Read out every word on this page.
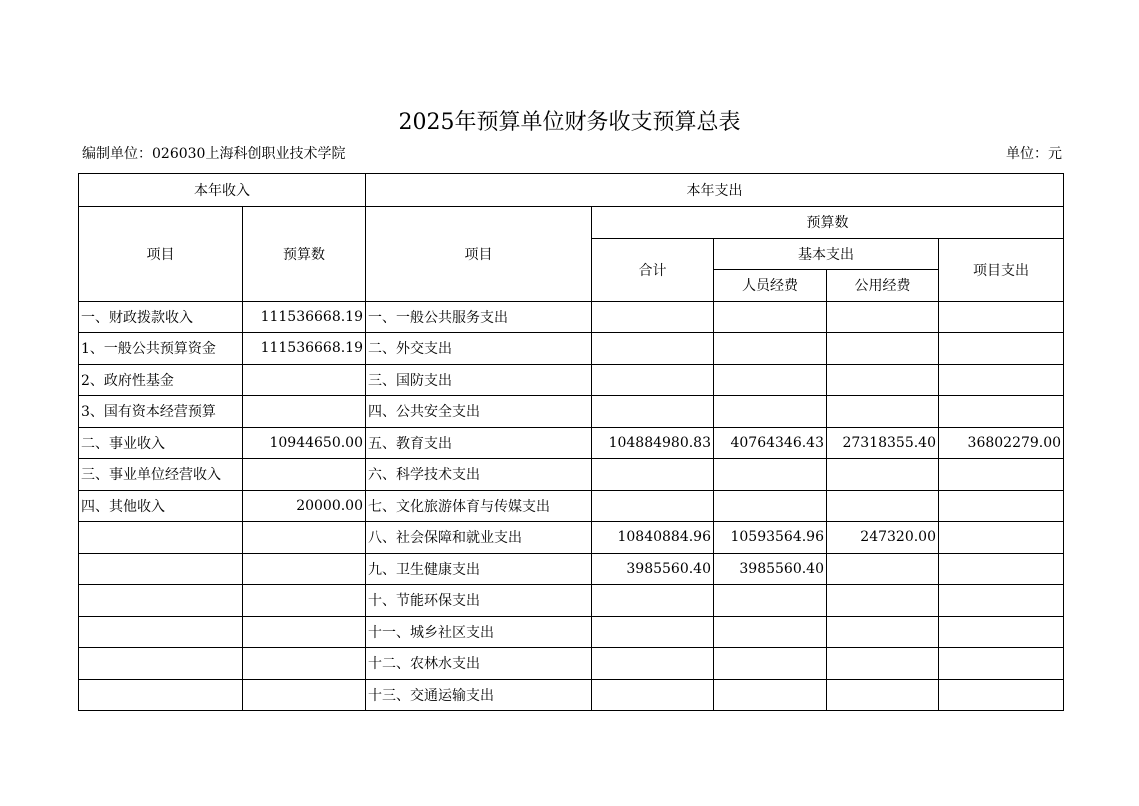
2025年预算单位财务收支预算总表
编制单位：026030上海科创职业技术学院	单位：元
本年收入		本年支出				
项目	预算数	项目	预算数			
			合计	基本支出		项目支出
				人员经费	公用经费	
一、财政拨款收入	111536668.19	一、一般公共服务支出				
1、一般公共预算资金	111536668.19	二、外交支出				
2、政府性基金		三、国防支出				
3、国有资本经营预算		四、公共安全支出				
二、事业收入	10944650.00	五、教育支出	104884980.83	40764346.43	27318355.40	36802279.00
三、事业单位经营收入		六、科学技术支出				
四、其他收入	20000.00	七、文化旅游体育与传媒支出				
		八、社会保障和就业支出	10840884.96	10593564.96	247320.00	
		九、卫生健康支出	3985560.40	3985560.40		
		十、节能环保支出				
		十一、城乡社区支出				
		十二、农林水支出				
		十三、交通运输支出				
